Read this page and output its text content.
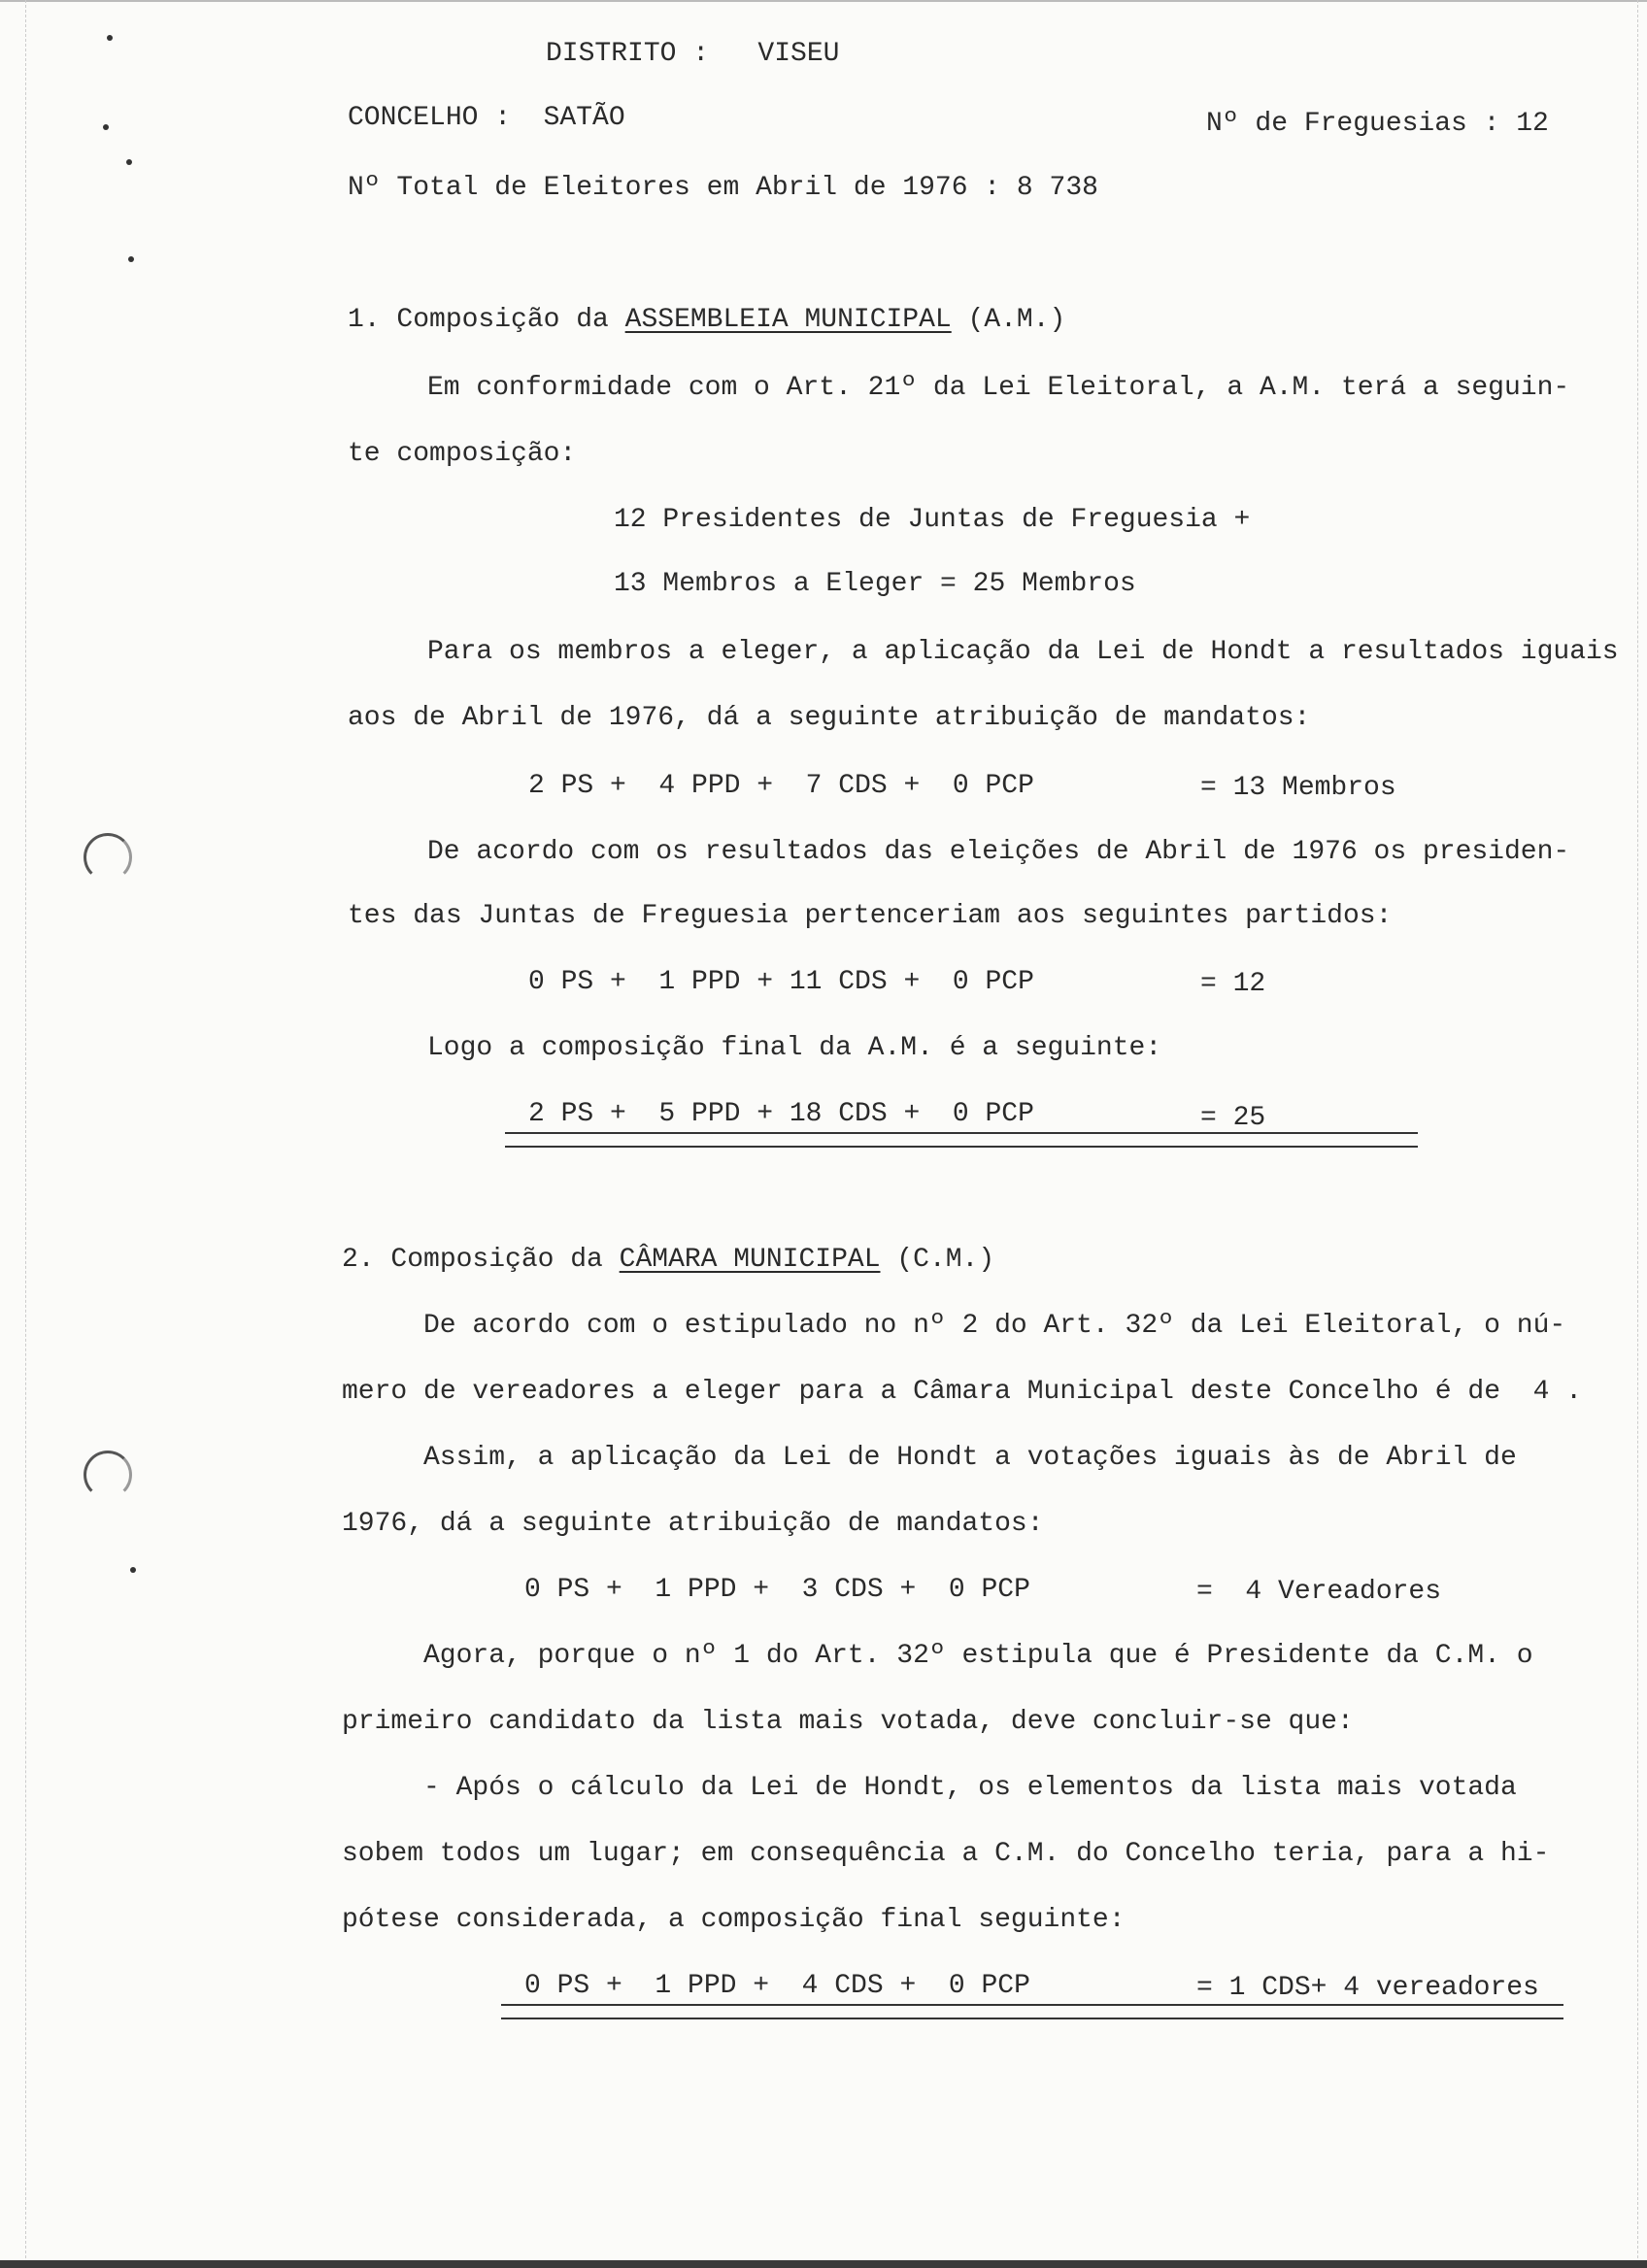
DISTRITO :   VISEU
CONCELHO :  SATÃO	Nº de Freguesias : 12
Nº Total de Eleitores em Abril de 1976 : 8 738
1. Composição da ASSEMBLEIA MUNICIPAL (A.M.)
Em conformidade com o Art. 21º da Lei Eleitoral, a A.M. terá a seguin-
te composição:
12 Presidentes de Juntas de Freguesia +
13 Membros a Eleger = 25 Membros
Para os membros a eleger, a aplicação da Lei de Hondt a resultados iguais
aos de Abril de 1976, dá a seguinte atribuição de mandatos:
2 PS +  4 PPD +  7 CDS +  0 PCP	= 13 Membros
De acordo com os resultados das eleições de Abril de 1976 os presiden-
tes das Juntas de Freguesia pertenceriam aos seguintes partidos:
0 PS +  1 PPD + 11 CDS +  0 PCP	= 12
Logo a composição final da A.M. é a seguinte:
2 PS +  5 PPD + 18 CDS +  0 PCP	= 25
2. Composição da CÂMARA MUNICIPAL (C.M.)
De acordo com o estipulado no nº 2 do Art. 32º da Lei Eleitoral, o nú-
mero de vereadores a eleger para a Câmara Municipal deste Concelho é de  4 .
Assim, a aplicação da Lei de Hondt a votações iguais às de Abril de
1976, dá a seguinte atribuição de mandatos:
0 PS +  1 PPD +  3 CDS +  0 PCP	=  4 Vereadores
Agora, porque o nº 1 do Art. 32º estipula que é Presidente da C.M. o
primeiro candidato da lista mais votada, deve concluir-se que:
- Após o cálculo da Lei de Hondt, os elementos da lista mais votada
sobem todos um lugar; em consequência a C.M. do Concelho teria, para a hi-
pótese considerada, a composição final seguinte:
0 PS +  1 PPD +  4 CDS +  0 PCP	= 1 CDS+ 4 vereadores
